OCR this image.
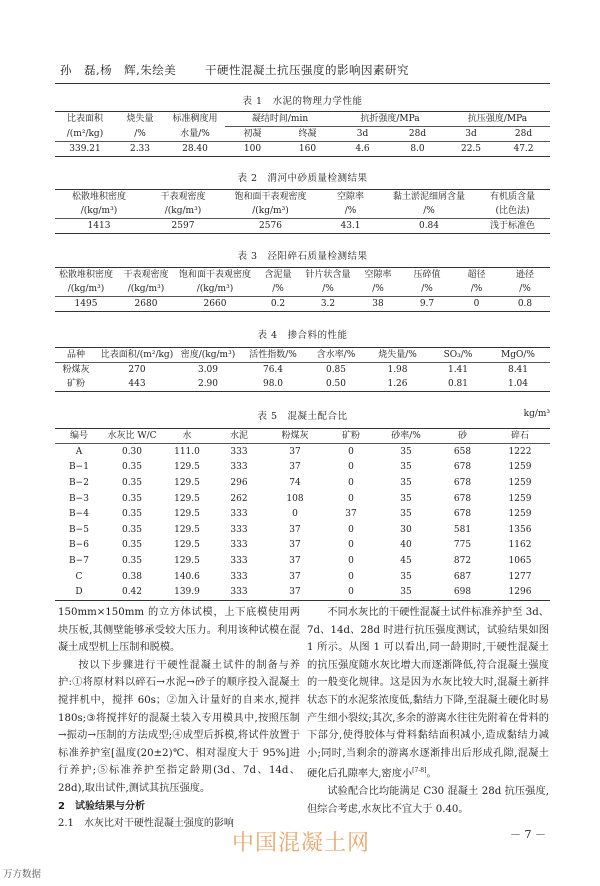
孙　磊,杨　辉,朱绘美 干硬性混凝土抗压强度的影响因素研究
表 1　水泥的物理力学性能
比表面积	烧失量	标准稠度用	凝结时间/min		抗折强度/MPa		抗压强度/MPa	
/(m²/kg)	/%	水量/%	初凝	终凝	3d	28d	3d	28d
339.21	2.33	28.40	100	160	4.6	8.0	22.5	47.2
表 2　渭河中砂质量检测结果
松散堆积密度	干表观密度	饱和面干表观密度	空隙率	黏土淤泥细屑含量	有机质含量
/(kg/m³)	/(kg/m³)	/(kg/m³)	/%	/%	(比色法)
1413	2597	2576	43.1	0.84	浅于标准色
表 3　泾阳碎石质量检测结果
松散堆积密度	干表观密度	饱和面干表观密度	含泥量	针片状含量	空隙率	压碎值	超径	逊径
/(kg/m³)	/(kg/m³)	/(kg/m³)	/%	/%	/%	/%	/%	/%
1495	2680	2660	0.2	3.2	38	9.7	0	0.8
表 4　掺合料的性能
品种	比表面积/(m²/kg)	密度/(kg/m³)	活性指数/%	含水率/%	烧失量/%	SO₃/%	MgO/%
粉煤灰	270	3.09	76.4	0.85	1.98	1.41	8.41
矿粉	443	2.90	98.0	0.50	1.26	0.81	1.04
表 5　混凝土配合比	kg/m³
编号	水灰比 W/C	水	水泥	粉煤灰	矿粉	砂率/%	砂	碎石
A	0.30	111.0	333	37	0	35	658	1222
B−1	0.35	129.5	333	37	0	35	678	1259
B−2	0.35	129.5	296	74	0	35	678	1259
B−3	0.35	129.5	262	108	0	35	678	1259
B−4	0.35	129.5	333	0	37	35	678	1259
B−5	0.35	129.5	333	37	0	30	581	1356
B−6	0.35	129.5	333	37	0	40	775	1162
B−7	0.35	129.5	333	37	0	45	872	1065
C	0.38	140.6	333	37	0	35	687	1277
D	0.42	139.9	333	37	0	35	698	1296

150mm×150mm 的立方体试模，上下底模使用两块压板,其侧壁能够承受较大压力。利用该种试模在混凝土成型机上压制和脱模。

按以下步骤进行干硬性混凝土试件的制备与养护:①将原材料以碎石→水泥→砂子的顺序投入混凝土搅拌机中，搅拌 60s；②加入计量好的自来水,搅拌 180s;③将搅拌好的混凝土装入专用模具中,按照压制→振动→压制的方法成型;④成型后拆模,将试件放置于标准养护室[温度(20±2)℃、相对湿度大于 95%]进行养护;⑤标准养护至指定龄期(3d、7d、14d、28d),取出试件,测试其抗压强度。

2　试验结果与分析

2.1　水灰比对干硬性混凝土强度的影响

不同水灰比的干硬性混凝土试件标准养护至 3d、7d、14d、28d 时进行抗压强度测试，试验结果如图 1 所示。从图 1 可以看出,同一龄期时,干硬性混凝土的抗压强度随水灰比增大而逐渐降低,符合混凝土强度的一般变化规律。这是因为水灰比较大时,混凝土新拌状态下的水泥浆浓度低,黏结力下降,至混凝土硬化时易产生细小裂纹;其次,多余的游离水往往先附着在骨料的下部分,使得胶体与骨料黏结面积减小,造成黏结力减小;同时,当剩余的游离水逐渐排出后形成孔隙,混凝土硬化后孔隙率大,密度小[7-8]。

试验配合比均能满足 C30 混凝土 28d 抗压强度,但综合考虑,水灰比不宜大于 0.40。

－ 7 －
中国混凝土网
万方数据
